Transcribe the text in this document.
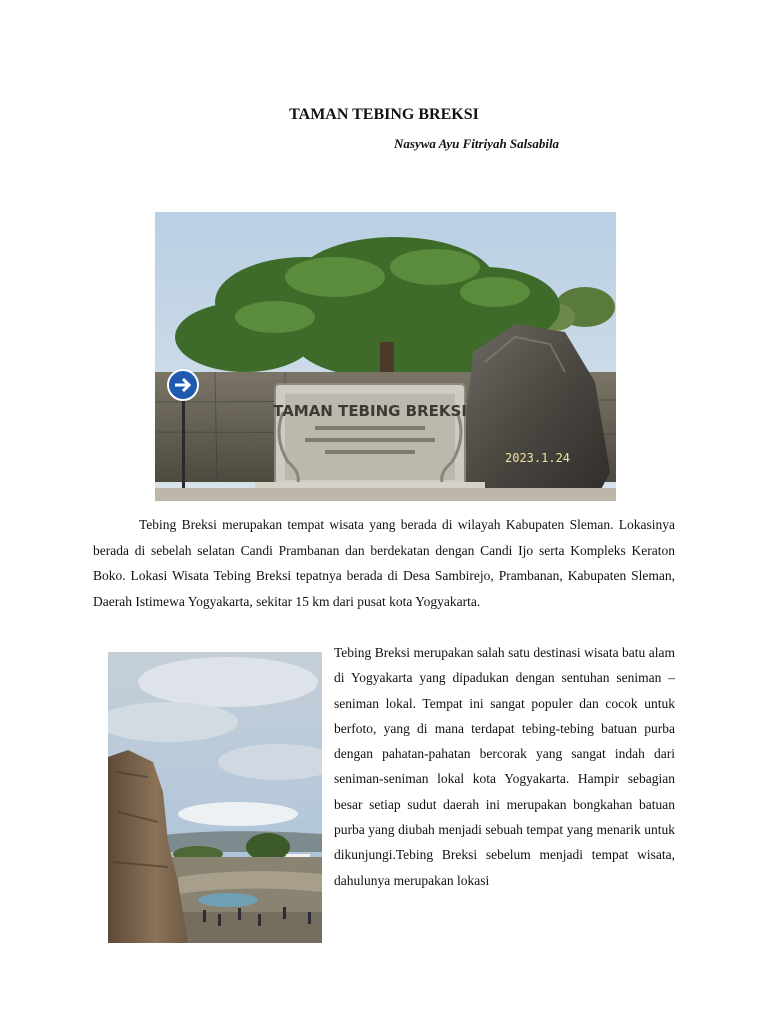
TAMAN TEBING BREKSI
Nasywa Ayu Fitriyah Salsabila
TAMAN TEBING BREKSI
2023.1.24

Tebing Breksi merupakan tempat wisata yang berada di wilayah Kabupaten Sleman. Lokasinya berada di sebelah selatan Candi Prambanan dan berdekatan dengan Candi Ijo serta Kompleks Keraton Boko. Lokasi Wisata Tebing Breksi tepatnya berada di Desa Sambirejo, Prambanan, Kabupaten Sleman, Daerah Istimewa Yogyakarta, sekitar 15 km dari pusat kota Yogyakarta.

Tebing Breksi merupakan salah satu destinasi wisata batu alam di Yogyakarta yang dipadukan dengan sentuhan seniman – seniman lokal. Tempat ini sangat populer dan cocok untuk berfoto, yang di mana terdapat tebing-tebing batuan purba dengan pahatan-pahatan bercorak yang sangat indah dari seniman-seniman lokal kota Yogyakarta. Hampir sebagian besar setiap sudut daerah ini merupakan bongkahan batuan purba yang diubah menjadi sebuah tempat yang menarik untuk dikunjungi.Tebing Breksi sebelum menjadi tempat wisata, dahulunya merupakan lokasi
